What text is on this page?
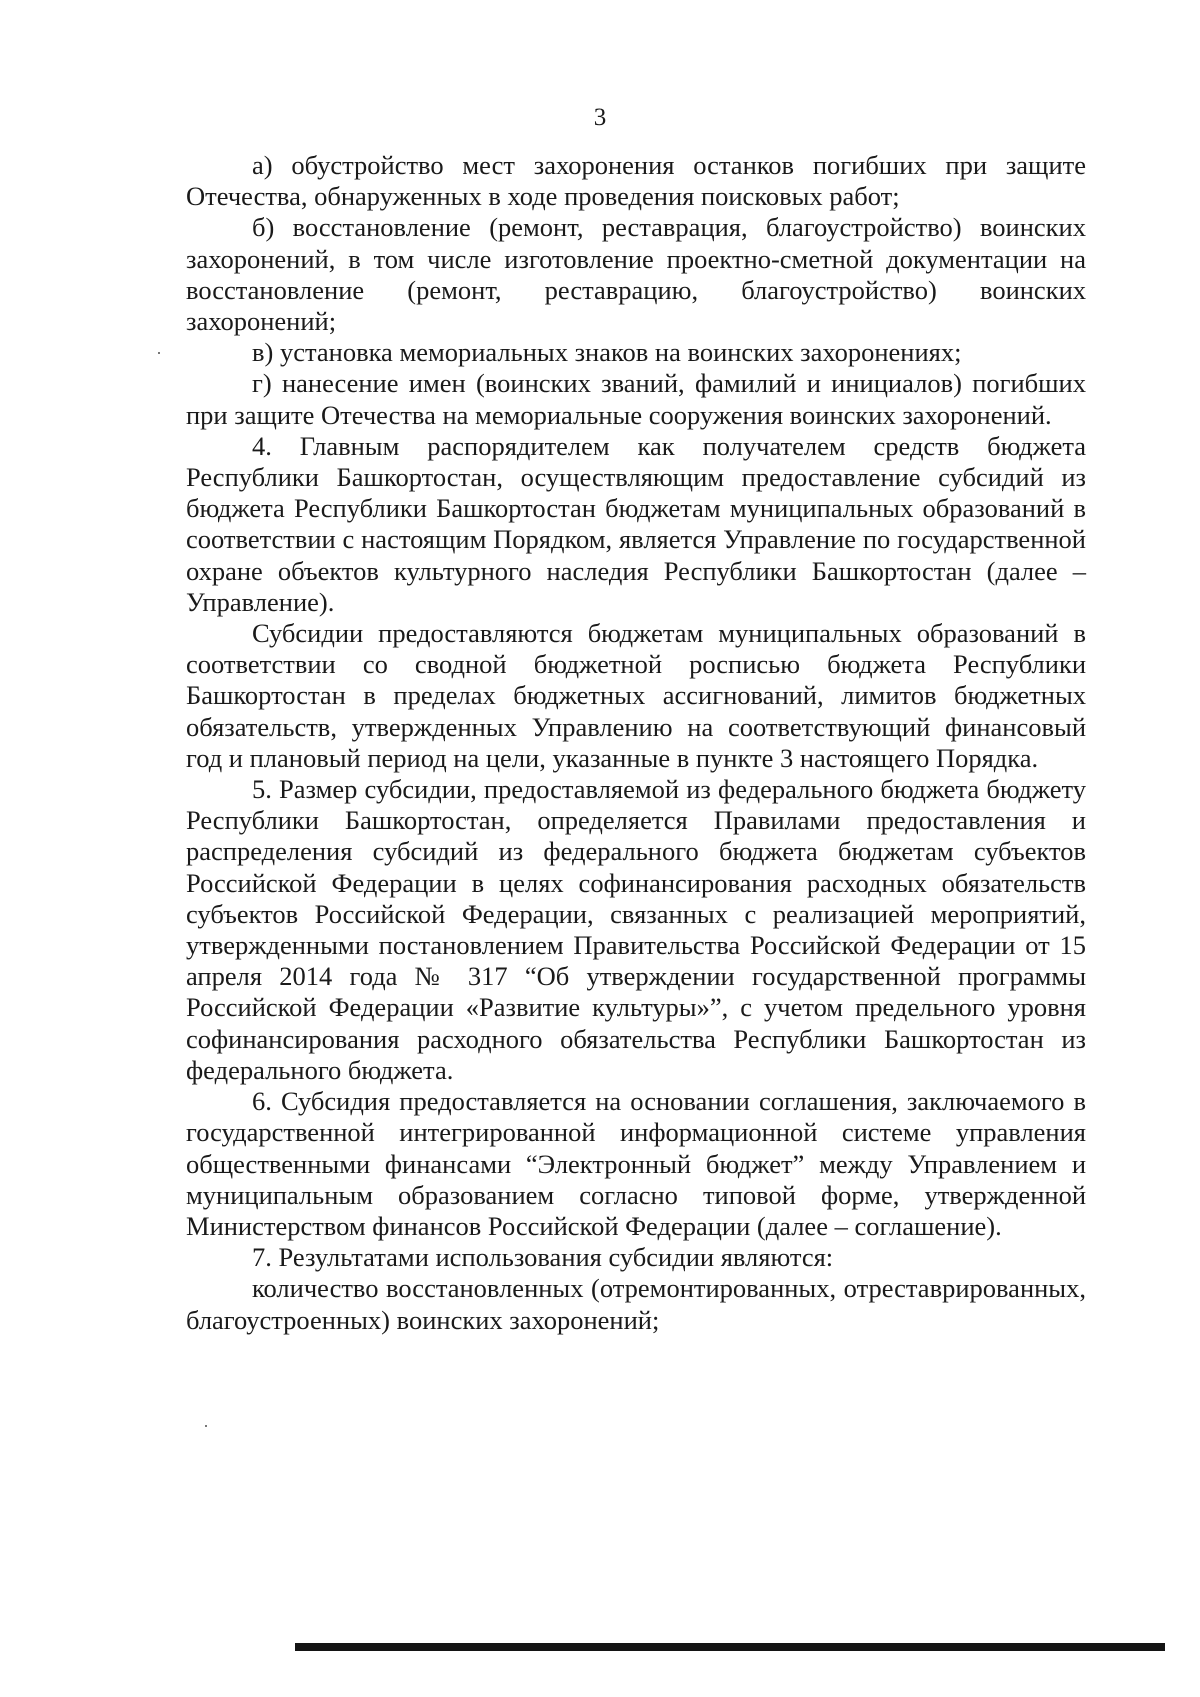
3

а) обустройство мест захоронения останков погибших при защите Отечества, обнаруженных в ходе проведения поисковых работ;

б) восстановление (ремонт, реставрация, благоустройство) воинских захоронений, в том числе изготовление проектно-сметной документации на восстановление (ремонт, реставрацию, благоустройство) воинских захоронений;

в) установка мемориальных знаков на воинских захоронениях;

г) нанесение имен (воинских званий, фамилий и инициалов) погибших при защите Отечества на мемориальные сооружения воинских захоронений.

4. Главным распорядителем как получателем средств бюджета Республики Башкортостан, осуществляющим предоставление субсидий из бюджета Республики Башкортостан бюджетам муниципальных образований в соответствии с настоящим Порядком, является Управление по государственной охране объектов культурного наследия Республики Башкортостан (далее – Управление).

Субсидии предоставляются бюджетам муниципальных образований в соответствии со сводной бюджетной росписью бюджета Республики Башкортостан в пределах бюджетных ассигнований, лимитов бюджетных обязательств, утвержденных Управлению на соответствующий финансовый год и плановый период на цели, указанные в пункте 3 настоящего Порядка.

5. Размер субсидии, предоставляемой из федерального бюджета бюджету Республики Башкортостан, определяется Правилами предоставления и распределения субсидий из федерального бюджета бюджетам субъектов Российской Федерации в целях софинансирования расходных обязательств субъектов Российской Федерации, связанных с реализацией мероприятий, утвержденными постановлением Правительства Российской Федерации от 15 апреля 2014 года № 317 “Об утверждении государственной программы Российской Федерации «Развитие культуры»”, с учетом предельного уровня софинансирования расходного обязательства Республики Башкортостан из федерального бюджета.

6. Субсидия предоставляется на основании соглашения, заключаемого в государственной интегрированной информационной системе управления общественными финансами “Электронный бюджет” между Управлением и муниципальным образованием согласно типовой форме, утвержденной Министерством финансов Российской Федерации (далее – соглашение).

7. Результатами использования субсидии являются:

количество восстановленных (отремонтированных, отреставрированных, благоустроенных) воинских захоронений;
